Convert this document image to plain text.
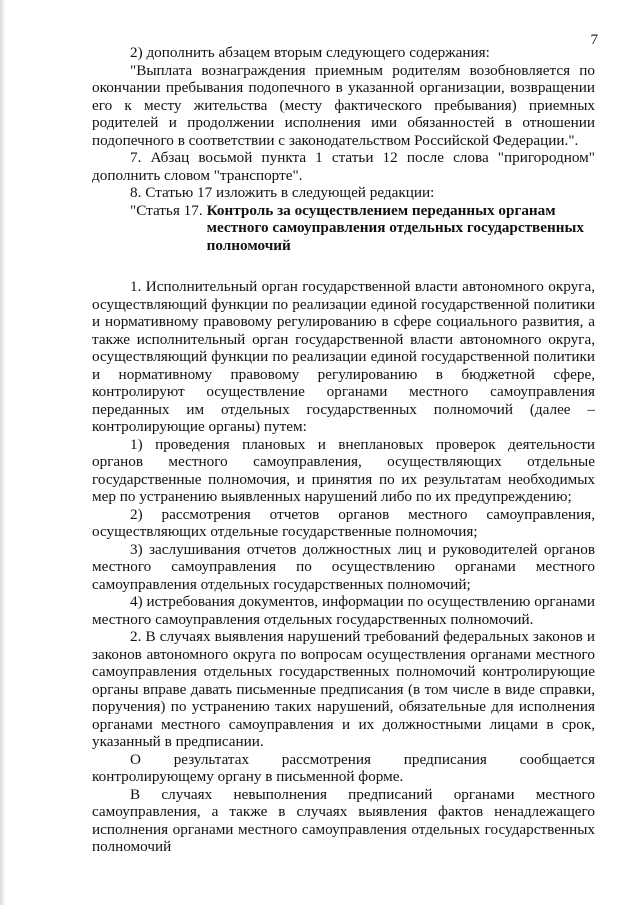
7

2) дополнить абзацем вторым следующего содержания:

"Выплата вознаграждения приемным родителям возобновляется по окончании пребывания подопечного в указанной организации, возвращении его к месту жительства (месту фактического пребывания) приемных родителей и продолжении исполнения ими обязанностей в отношении подопечного в соответствии с законодательством Российской Федерации.".

7. Абзац восьмой пункта 1 статьи 12 после слова "пригородном" дополнить словом "транспорте".

8. Статью 17 изложить в следующей редакции:

"Статья 17. Контроль за осуществлением переданных органам местного самоуправления отдельных государственных полномочий

1. Исполнительный орган государственной власти автономного округа, осуществляющий функции по реализации единой государственной политики и нормативному правовому регулированию в сфере социального развития, а также исполнительный орган государственной власти автономного округа, осуществляющий функции по реализации единой государственной политики и нормативному правовому регулированию в бюджетной сфере, контролируют осуществление органами местного самоуправления переданных им отдельных государственных полномочий (далее – контролирующие органы) путем:

1) проведения плановых и внеплановых проверок деятельности органов местного самоуправления, осуществляющих отдельные государственные полномочия, и принятия по их результатам необходимых мер по устранению выявленных нарушений либо по их предупреждению;

2) рассмотрения отчетов органов местного самоуправления, осуществляющих отдельные государственные полномочия;

3) заслушивания отчетов должностных лиц и руководителей органов местного самоуправления по осуществлению органами местного самоуправления отдельных государственных полномочий;

4) истребования документов, информации по осуществлению органами местного самоуправления отдельных государственных полномочий.

2. В случаях выявления нарушений требований федеральных законов и законов автономного округа по вопросам осуществления органами местного самоуправления отдельных государственных полномочий контролирующие органы вправе давать письменные предписания (в том числе в виде справки, поручения) по устранению таких нарушений, обязательные для исполнения органами местного самоуправления и их должностными лицами в срок, указанный в предписании.

О результатах рассмотрения предписания сообщается контролирующему органу в письменной форме.

В случаях невыполнения предписаний органами местного самоуправления, а также в случаях выявления фактов ненадлежащего исполнения органами местного самоуправления отдельных государственных полномочий
